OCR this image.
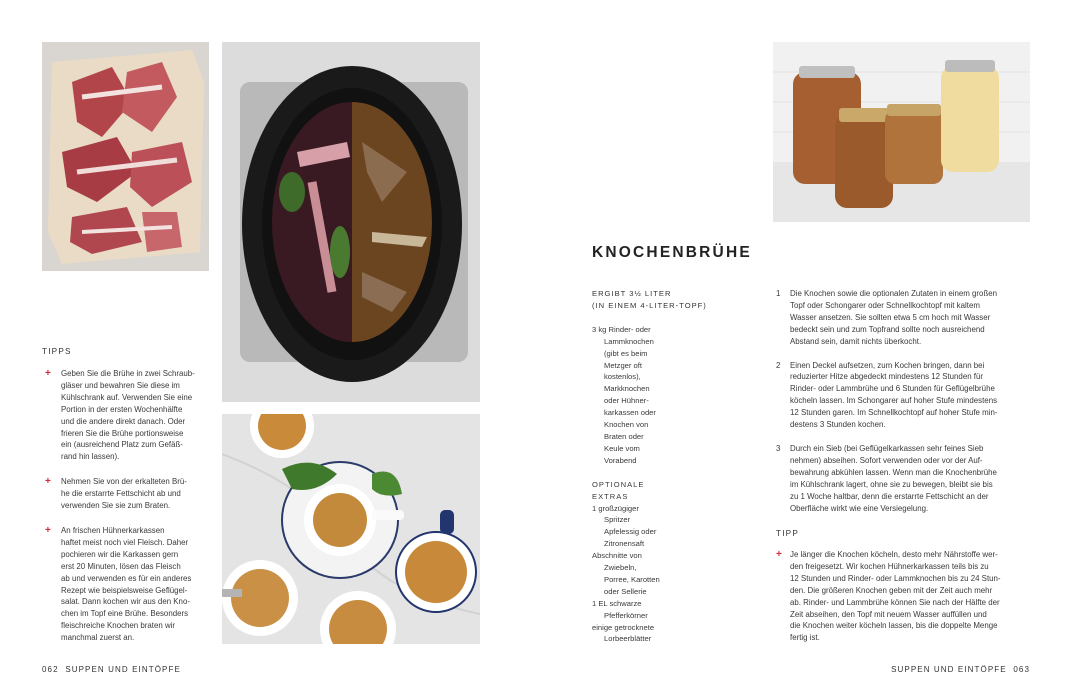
TIPPS
+ Geben Sie die Brühe in zwei Schraub-
gläser und bewahren Sie diese im
Kühlschrank auf. Verwenden Sie eine
Portion in der ersten Wochenhälfte
und die andere direkt danach. Oder
frieren Sie die Brühe portionsweise
ein (ausreichend Platz zum Gefäß-
rand hin lassen).
+ Nehmen Sie von der erkalteten Brü-
he die erstarrte Fettschicht ab und
verwenden Sie sie zum Braten.
+ An frischen Hühnerkarkassen
haftet meist noch viel Fleisch. Daher
pochieren wir die Karkassen gern
erst 20 Minuten, lösen das Fleisch
ab und verwenden es für ein anderes
Rezept wie beispielsweise Geflügel-
salat. Dann kochen wir aus den Kno-
chen im Topf eine Brühe. Besonders
fleischreiche Knochen braten wir
manchmal zuerst an.
062 SUPPEN UND EINTÖPFE
KNOCHENBRÜHE
ERGIBT 3½ LITER
(IN EINEM 4-LITER-TOPF)
3 kg Rinder- oder
Lammknochen
(gibt es beim
Metzger oft
kostenlos),
Markknochen
oder Hühner-
karkassen oder
Knochen von
Braten oder
Keule vom
Vorabend
OPTIONALE
EXTRAS
1 großzügiger
Spritzer
Apfelessig oder
Zitronensaft
Abschnitte von
Zwiebeln,
Porree, Karotten
oder Sellerie
1 EL schwarze
Pfefferkörner
einige getrocknete
Lorbeerblätter
1 Die Knochen sowie die optionalen Zutaten in einem großen
Topf oder Schongarer oder Schnellkochtopf mit kaltem
Wasser ansetzen. Sie sollten etwa 5 cm hoch mit Wasser
bedeckt sein und zum Topfrand sollte noch ausreichend
Abstand sein, damit nichts überkocht.
2 Einen Deckel aufsetzen, zum Kochen bringen, dann bei
reduzierter Hitze abgedeckt mindestens 12 Stunden für
Rinder- oder Lammbrühe und 6 Stunden für Geflügelbrühe
köcheln lassen. Im Schongarer auf hoher Stufe mindestens
12 Stunden garen. Im Schnellkochtopf auf hoher Stufe min-
destens 3 Stunden kochen.
3 Durch ein Sieb (bei Geflügelkarkassen sehr feines Sieb
nehmen) abseihen. Sofort verwenden oder vor der Auf-
bewahrung abkühlen lassen. Wenn man die Knochenbrühe
im Kühlschrank lagert, ohne sie zu bewegen, bleibt sie bis
zu 1 Woche haltbar, denn die erstarrte Fettschicht an der
Oberfläche wirkt wie eine Versiegelung.
TIPP
+ Je länger die Knochen köcheln, desto mehr Nährstoffe wer-
den freigesetzt. Wir kochen Hühnerkarkassen teils bis zu
12 Stunden und Rinder- oder Lammknochen bis zu 24 Stun-
den. Die größeren Knochen geben mit der Zeit auch mehr
ab. Rinder- und Lammbrühe können Sie nach der Hälfte der
Zeit abseihen, den Topf mit neuem Wasser auffüllen und
die Knochen weiter köcheln lassen, bis die doppelte Menge
fertig ist.
SUPPEN UND EINTÖPFE 063
